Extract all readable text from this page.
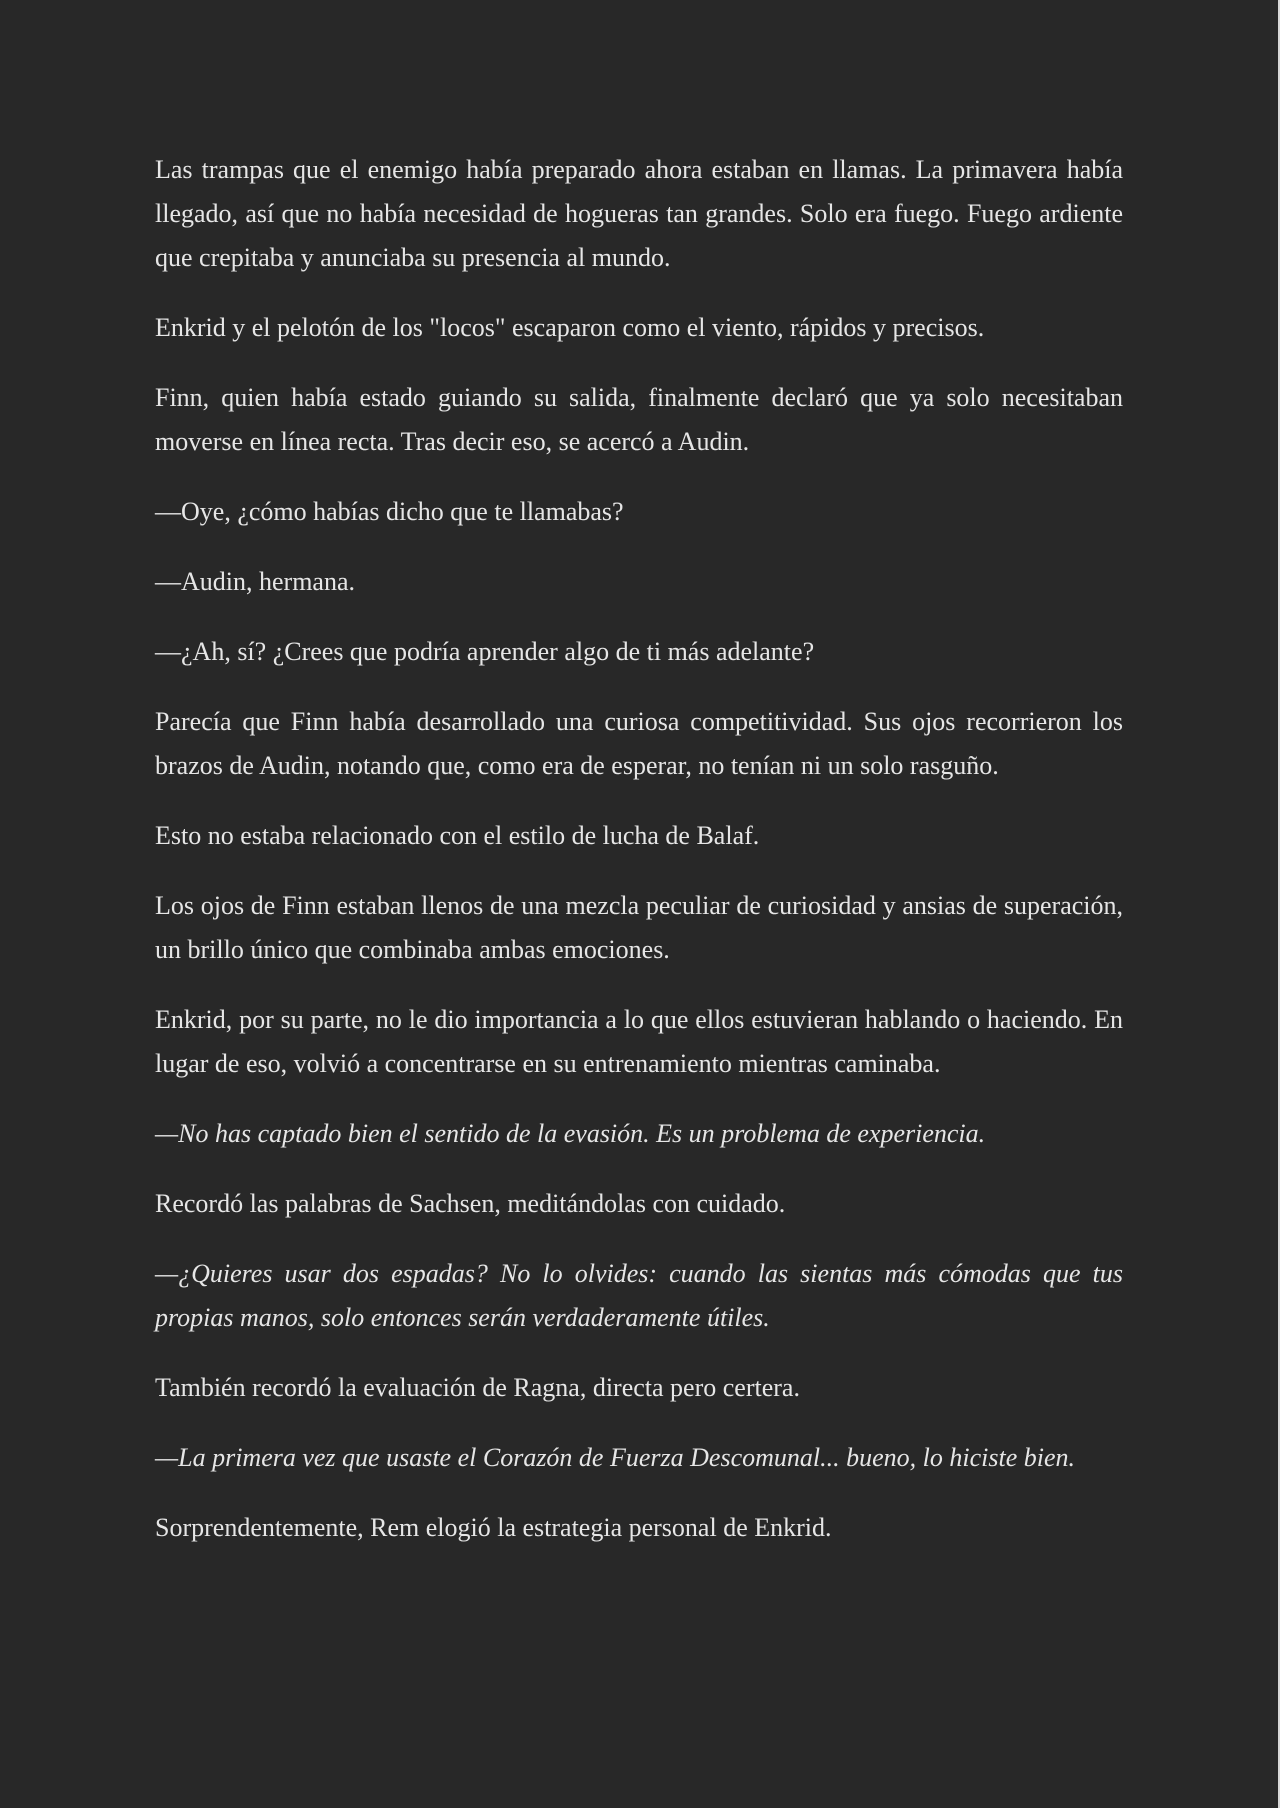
Las trampas que el enemigo había preparado ahora estaban en llamas. La primavera había llegado, así que no había necesidad de hogueras tan grandes. Solo era fuego. Fuego ardiente que crepitaba y anunciaba su presencia al mundo.

Enkrid y el pelotón de los "locos" escaparon como el viento, rápidos y precisos.

Finn, quien había estado guiando su salida, finalmente declaró que ya solo necesitaban moverse en línea recta. Tras decir eso, se acercó a Audin.

—Oye, ¿cómo habías dicho que te llamabas?

—Audin, hermana.

—¿Ah, sí? ¿Crees que podría aprender algo de ti más adelante?

Parecía que Finn había desarrollado una curiosa competitividad. Sus ojos recorrieron los brazos de Audin, notando que, como era de esperar, no tenían ni un solo rasguño.

Esto no estaba relacionado con el estilo de lucha de Balaf.

Los ojos de Finn estaban llenos de una mezcla peculiar de curiosidad y ansias de superación, un brillo único que combinaba ambas emociones.

Enkrid, por su parte, no le dio importancia a lo que ellos estuvieran hablando o haciendo. En lugar de eso, volvió a concentrarse en su entrenamiento mientras caminaba.

—No has captado bien el sentido de la evasión. Es un problema de experiencia.

Recordó las palabras de Sachsen, meditándolas con cuidado.

—¿Quieres usar dos espadas? No lo olvides: cuando las sientas más cómodas que tus propias manos, solo entonces serán verdaderamente útiles.

También recordó la evaluación de Ragna, directa pero certera.

—La primera vez que usaste el Corazón de Fuerza Descomunal... bueno, lo hiciste bien.

Sorprendentemente, Rem elogió la estrategia personal de Enkrid.
